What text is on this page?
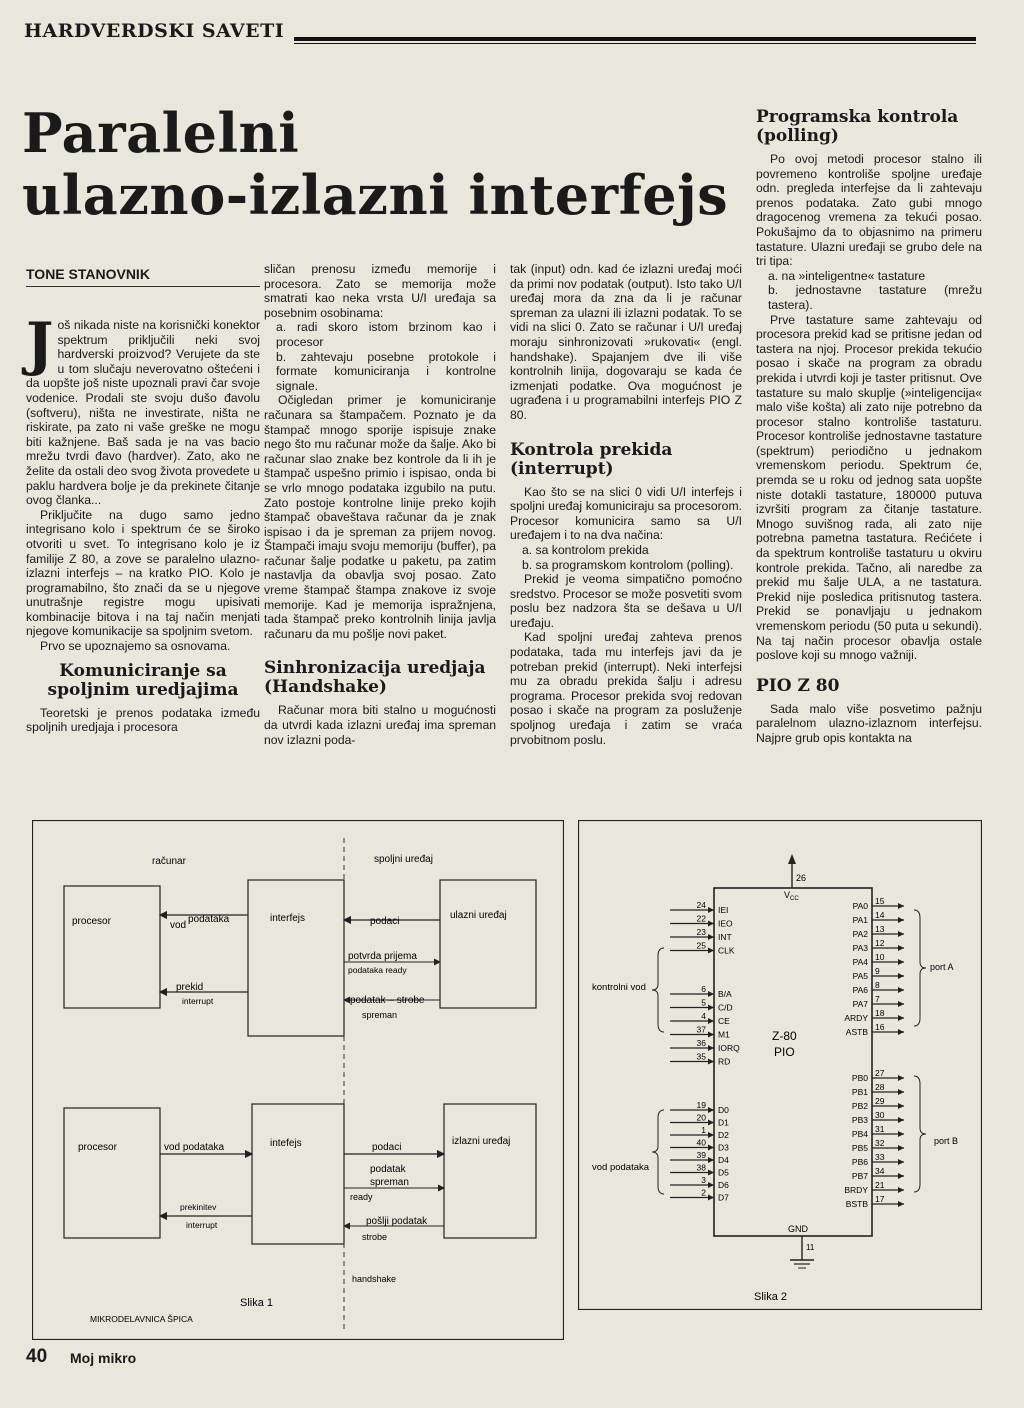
HARDVERDSKI SAVETI
Paralelni
ulazno-izlazni interfejs
TONE STANOVNIK

Još nikada niste na korisnički konektor spektrum priključili neki svoj hardverski proizvod? Verujete da ste u tom slučaju neverovatno oštećeni i da uopšte još niste upoznali pravi čar svoje vodenice. Prodali ste svoju dušo đavolu (softveru), ništa ne investirate, ništa ne riskirate, pa zato ni vaše greške ne mogu biti kažnjene. Baš sada je na vas bacio mrežu tvrdi đavo (hardver). Zato, ako ne želite da ostali deo svog života provedete u paklu hardvera bolje je da prekinete čitanje ovog članka...

Priključite na dugo samo jedno integrisano kolo i spektrum će se široko otvoriti u svet. To integrisano kolo je iz familije Z 80, a zove se paralelno ulazno-izlazni interfejs – na kratko PIO. Kolo je programabilno, što znači da se u njegove unutrašnje registre mogu upisivati kombinacije bitova i na taj način menjati njegove komunikacije sa spoljnim svetom.

Prvo se upoznajemo sa osnovama.

Komuniciranje sa spoljnim uredjajima

Teoretski je prenos podataka između spoljnih uredjaja i procesora

sličan prenosu između memorije i procesora. Zato se memorija može smatrati kao neka vrsta U/I uređaja sa posebnim osobinama:

a. radi skoro istom brzinom kao i procesor

b. zahtevaju posebne protokole i formate komuniciranja i kontrolne signale.

Očigledan primer je komuniciranje računara sa štampačem. Poznato je da štampač mnogo sporije ispisuje znake nego što mu računar može da šalje. Ako bi računar slao znake bez kontrole da li ih je štampač uspešno primio i ispisao, onda bi se vrlo mnogo podataka izgubilo na putu. Zato postoje kontrolne linije preko kojih štampač obaveštava računar da je znak ispisao i da je spreman za prijem novog. Štampači imaju svoju memoriju (buffer), pa računar šalje podatke u paketu, pa zatim nastavlja da obavlja svoj posao. Zato vreme štampač štampa znakove iz svoje memorije. Kad je memorija ispražnjena, tada štampač preko kontrolnih linija javlja računaru da mu pošlje novi paket.

Sinhronizacija uredjaja (Handshake)

Računar mora biti stalno u mogućnosti da utvrdi kada izlazni uređaj ima spreman nov izlazni poda-

tak (input) odn. kad će izlazni uređaj moći da primi nov podatak (output). Isto tako U/I uređaj mora da zna da li je računar spreman za ulazni ili izlazni podatak. To se vidi na slici 0. Zato se računar i U/I uređaj moraju sinhronizovati »rukovati« (engl. handshake). Spajanjem dve ili više kontrolnih linija, dogovaraju se kada će izmenjati podatke. Ova mogućnost je ugrađena i u programabilni interfejs PIO Z 80.

Kontrola prekida (interrupt)

Kao što se na slici 0 vidi U/I interfejs i spoljni uređaj komuniciraju sa procesorom. Procesor komunicira samo sa U/I uređajem i to na dva načina:

a. sa kontrolom prekida

b. sa programskom kontrolom (polling).

Prekid je veoma simpatično pomoćno sredstvo. Procesor se može posvetiti svom poslu bez nadzora šta se dešava u U/I uređaju.

Kad spoljni uređaj zahteva prenos podataka, tada mu interfejs javi da je potreban prekid (interrupt). Neki interfejsi mu za obradu prekida šalju i adresu programa. Procesor prekida svoj redovan posao i skače na program za posluženje spoljnog uređaja i zatim se vraća prvobitnom poslu.

Programska kontrola (polling)

Po ovoj metodi procesor stalno ili povremeno kontroliše spoljne uređaje odn. pregleda interfejse da li zahtevaju prenos podataka. Zato gubi mnogo dragocenog vremena za tekući posao. Pokušajmo da to objasnimo na primeru tastature. Ulazni uređaji se grubo dele na tri tipa:

a. na »inteligentne« tastature

b. jednostavne tastature (mrežu tastera).

Prve tastature same zahtevaju od procesora prekid kad se pritisne jedan od tastera na njoj. Procesor prekida tekućio posao i skače na program za obradu prekida i utvrdi koji je taster pritisnut. Ove tastature su malo skuplje (»inteligencija« malo više košta) ali zato nije potrebno da procesor stalno kontroliše tastaturu. Procesor kontroliše jednostavne tastature (spektrum) periodično u jednakom vremenskom periodu. Spektrum će, premda se u roku od jednog sata uopšte niste dotakli tastature, 180000 putuva izvršiti program za čitanje tastature. Mnogo suvišnog rada, ali zato nije potrebna pametna tastatura. Rećićete i da spektrum kontroliše tastaturu u okviru kontrole prekida. Tačno, ali naredbe za prekid mu šalje ULA, a ne tastatura. Prekid nije posledica pritisnutog tastera. Prekid se ponavljaju u jednakom vremenskom periodu (50 puta u sekundi). Na taj način procesor obavlja ostale poslove koji su mnogo važniji.

PIO Z 80

Sada malo više posvetimo pažnju paralelnom ulazno-izlaznom interfejsu. Najpre grub opis kontakta na

računar	spoljni uređaj
procesor	interfejs	ulazni uređaj
vod
podataka	podaci
potvrda prijema
podataka ready
podatak – strobe
spreman
prekid
interrupt
procesor	intefejs	izlazni uređaj
vod podataka	podaci
podatak
spreman
ready
pošlji podatak
strobe
prekinitev
interrupt
handshake
Slika 1
MIKRODELAVNICA ŠPICA
Z-80
PIO
26
$V_{CC}$
GND
11
kontrolni vod
vod podataka
port A
port B
24 IEI
22 IEO
23 INT
25 CLK
6 B/A
5 C/D
4 CE
37 M1
36 IORQ
35 RD
19 D0
20 D1
1 D2
40 D3
39 D4
38 D5
3 D6
2 D7
15
PA0
14
PA1
13
PA2
12
PA3
10
PA4
9
PA5
8
PA6
7
PA7
18
ARDY
16
ASTB
27
PB0
28
PB1
29
PB2
30
PB3
31
PB4
32
PB5
33
PB6
34
PB7
21
BRDY
17
BSTB
Slika 2
40 Moj mikro
